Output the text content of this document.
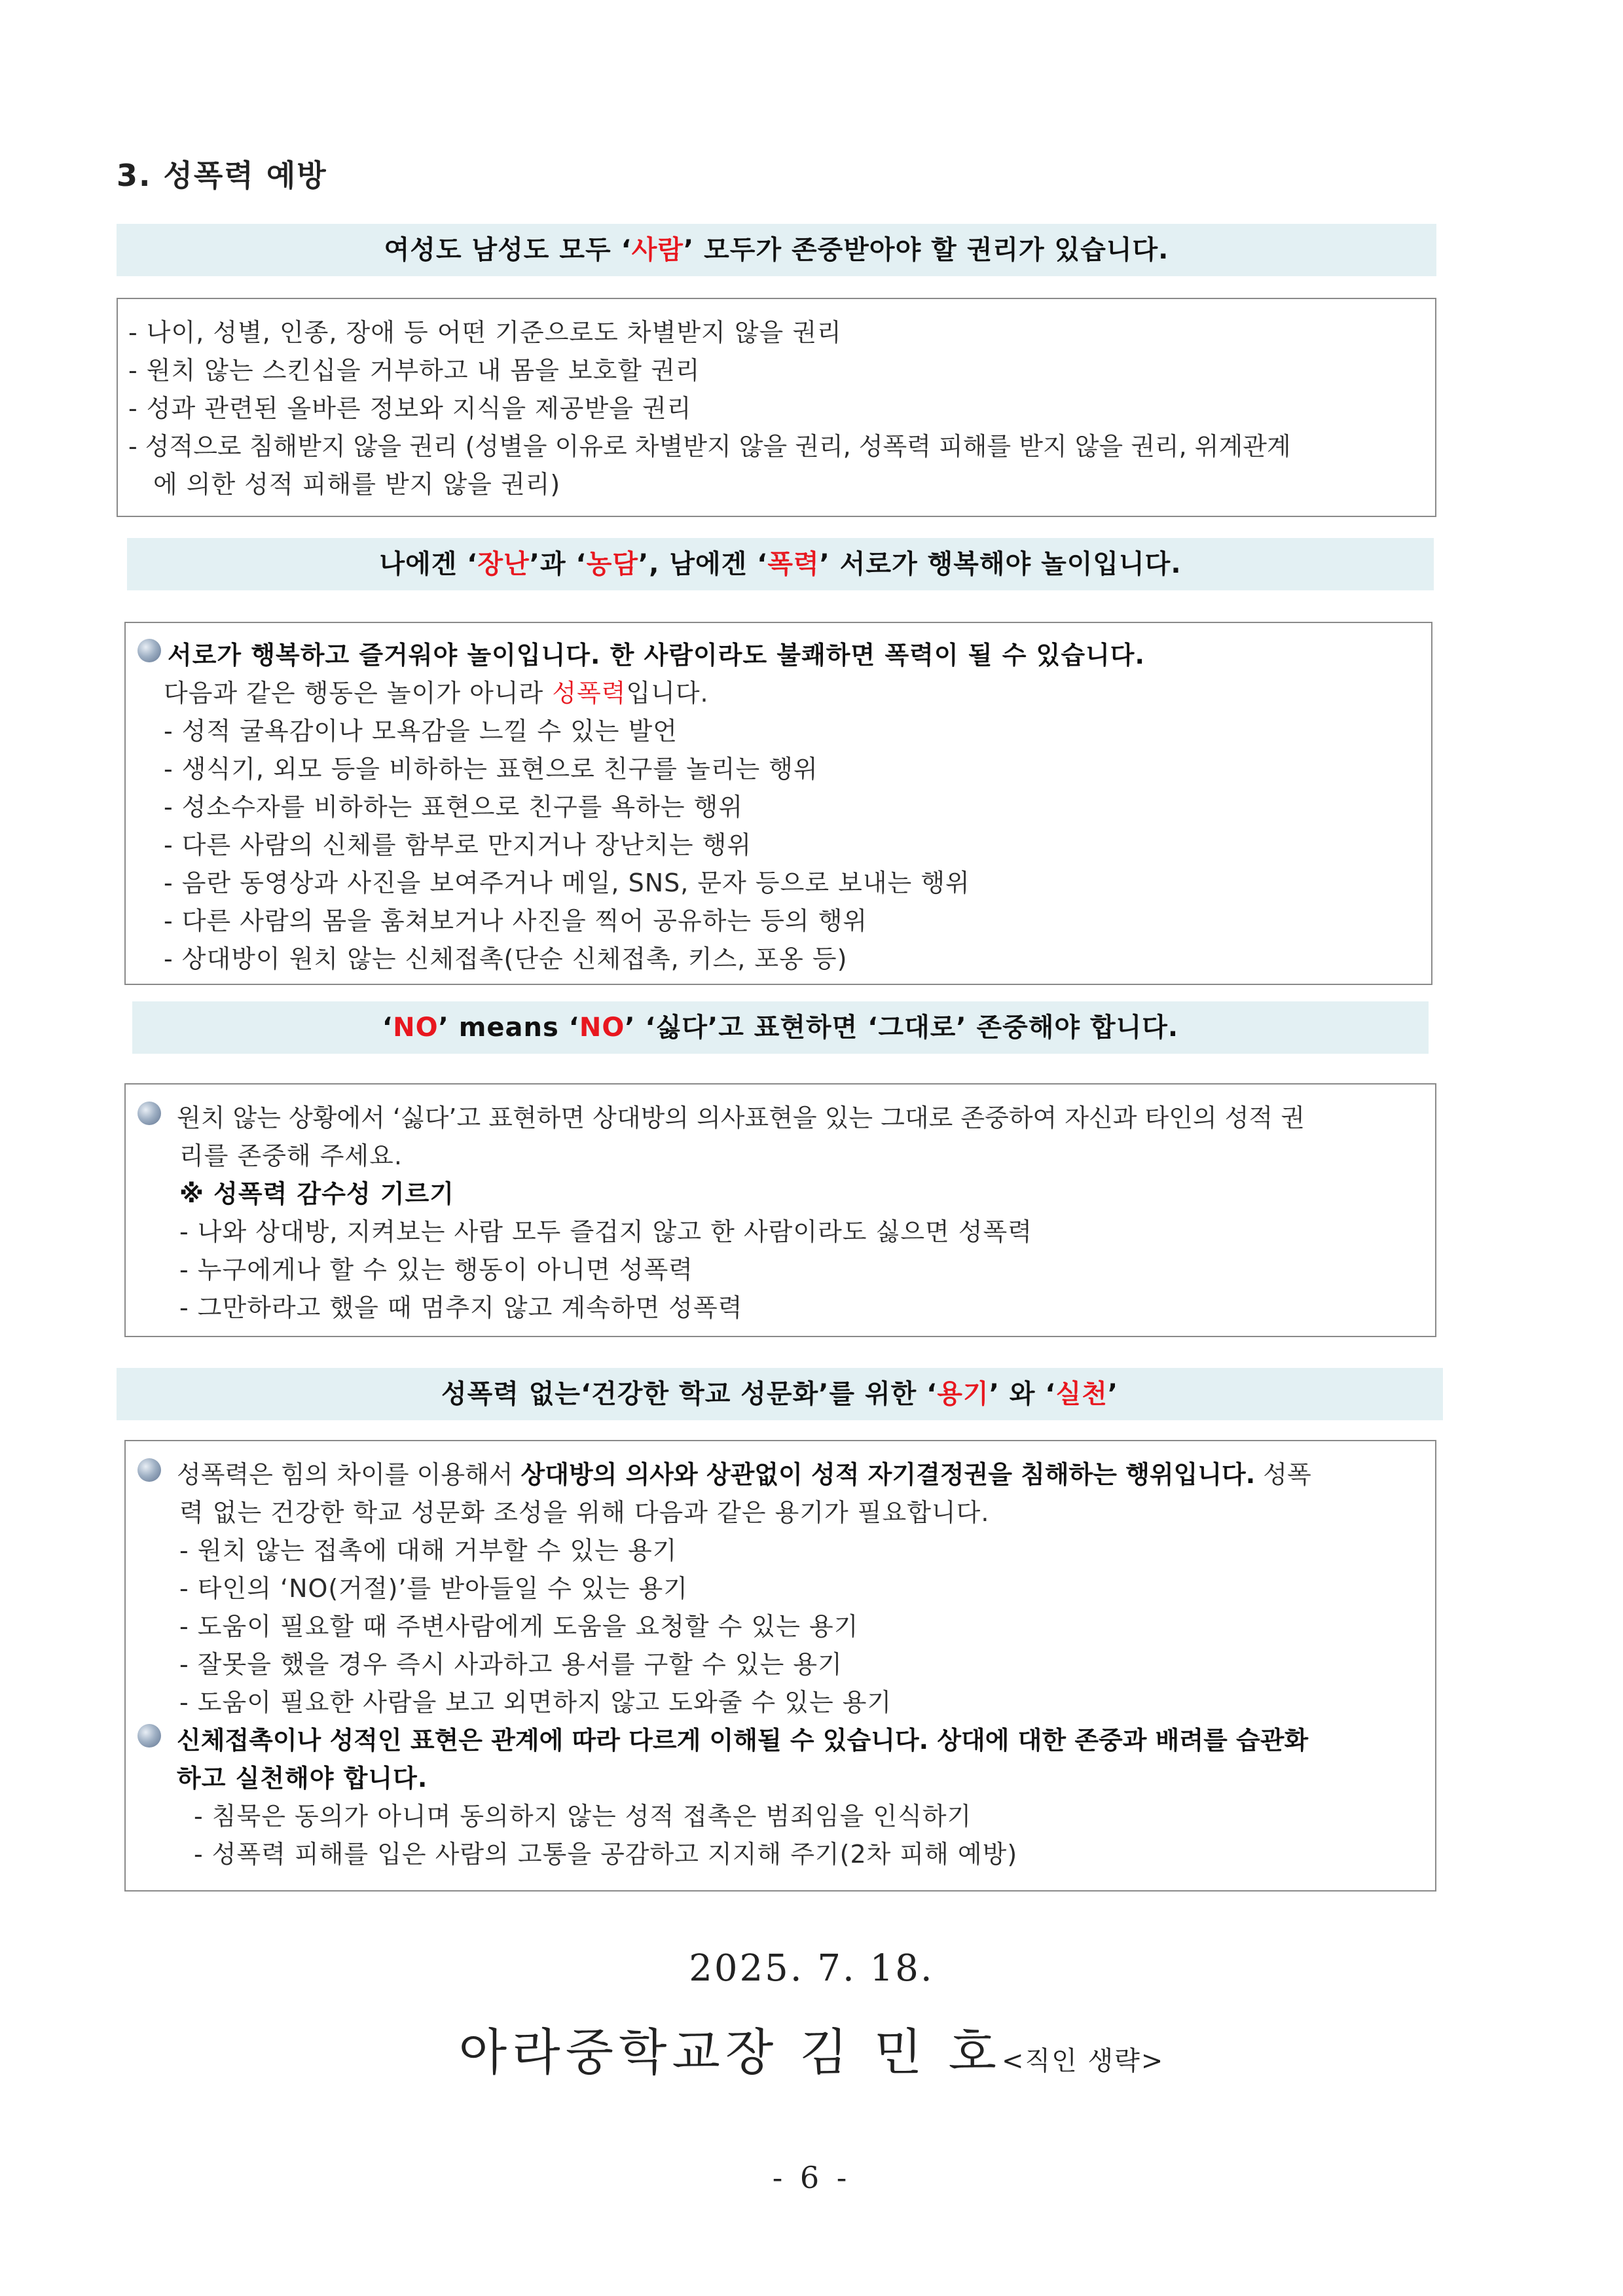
3. 성폭력 예방
여성도 남성도 모두 ‘사람’ 모두가 존중받아야 할 권리가 있습니다.
- 나이, 성별, 인종, 장애 등 어떤 기준으로도 차별받지 않을 권리
- 원치 않는 스킨십을 거부하고 내 몸을 보호할 권리
- 성과 관련된 올바른 정보와 지식을 제공받을 권리
- 성적으로 침해받지 않을 권리 (성별을 이유로 차별받지 않을 권리, 성폭력 피해를 받지 않을 권리, 위계관계
에 의한 성적 피해를 받지 않을 권리)
나에겐 ‘장난’과 ‘농담’, 남에겐 ‘폭력’ 서로가 행복해야 놀이입니다.
서로가 행복하고 즐거워야 놀이입니다. 한 사람이라도 불쾌하면 폭력이 될 수 있습니다.
다음과 같은 행동은 놀이가 아니라 성폭력입니다.
- 성적 굴욕감이나 모욕감을 느낄 수 있는 발언
- 생식기, 외모 등을 비하하는 표현으로 친구를 놀리는 행위
- 성소수자를 비하하는 표현으로 친구를 욕하는 행위
- 다른 사람의 신체를 함부로 만지거나 장난치는 행위
- 음란 동영상과 사진을 보여주거나 메일, SNS, 문자 등으로 보내는 행위
- 다른 사람의 몸을 훔쳐보거나 사진을 찍어 공유하는 등의 행위
- 상대방이 원치 않는 신체접촉(단순 신체접촉, 키스, 포옹 등)
‘NO’ means ‘NO’ ‘싫다’고 표현하면 ‘그대로’ 존중해야 합니다.
원치 않는 상황에서 ‘싫다’고 표현하면 상대방의 의사표현을 있는 그대로 존중하여 자신과 타인의 성적 권
리를 존중해 주세요.
※ 성폭력 감수성 기르기
- 나와 상대방, 지켜보는 사람 모두 즐겁지 않고 한 사람이라도 싫으면 성폭력
- 누구에게나 할 수 있는 행동이 아니면 성폭력
- 그만하라고 했을 때 멈추지 않고 계속하면 성폭력
성폭력 없는‘건강한 학교 성문화’를 위한 ‘용기’ 와 ‘실천’
성폭력은 힘의 차이를 이용해서 상대방의 의사와 상관없이 성적 자기결정권을 침해하는 행위입니다. 성폭
력 없는 건강한 학교 성문화 조성을 위해 다음과 같은 용기가 필요합니다.
- 원치 않는 접촉에 대해 거부할 수 있는 용기
- 타인의 ‘NO(거절)’를 받아들일 수 있는 용기
- 도움이 필요할 때 주변사람에게 도움을 요청할 수 있는 용기
- 잘못을 했을 경우 즉시 사과하고 용서를 구할 수 있는 용기
- 도움이 필요한 사람을 보고 외면하지 않고 도와줄 수 있는 용기
신체접촉이나 성적인 표현은 관계에 따라 다르게 이해될 수 있습니다. 상대에 대한 존중과 배려를 습관화
하고 실천해야 합니다.
- 침묵은 동의가 아니며 동의하지 않는 성적 접촉은 범죄임을 인식하기
- 성폭력 피해를 입은 사람의 고통을 공감하고 지지해 주기(2차 피해 예방)
2025. 7. 18.
아라중학교장 김 민 호<직인 생략>
- 6 -
